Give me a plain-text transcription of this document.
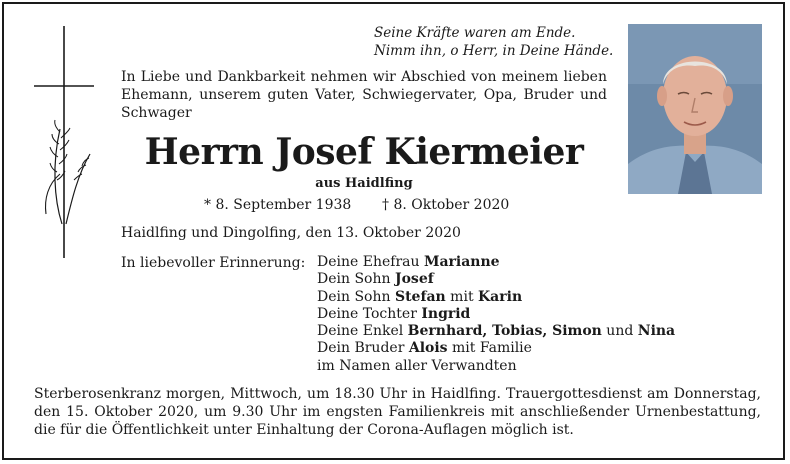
Seine Kräfte waren am Ende.
Nimm ihn, o Herr, in Deine Hände.
In Liebe und Dankbarkeit nehmen wir Abschied von meinem lieben Ehemann, unserem guten Vater, Schwiegervater, Opa, Bruder und Schwager
Herrn Josef Kiermeier
aus Haidlfing
* 8. September 1938 † 8. Oktober 2020
Haidlfing und Dingolfing, den 13. Oktober 2020
In liebevoller Erinnerung: Deine Ehefrau Marianne
Dein Sohn Josef
Dein Sohn Stefan mit Karin
Deine Tochter Ingrid
Deine Enkel Bernhard, Tobias, Simon und Nina
Dein Bruder Alois mit Familie
im Namen aller Verwandten
Sterberosenkranz morgen, Mittwoch, um 18.30 Uhr in Haidlfing. Trauergottesdienst am Donnerstag, den 15. Oktober 2020, um 9.30 Uhr im engsten Familienkreis mit anschließender Urnenbestattung, die für die Öffentlichkeit unter Einhaltung der Corona-Auflagen möglich ist.
